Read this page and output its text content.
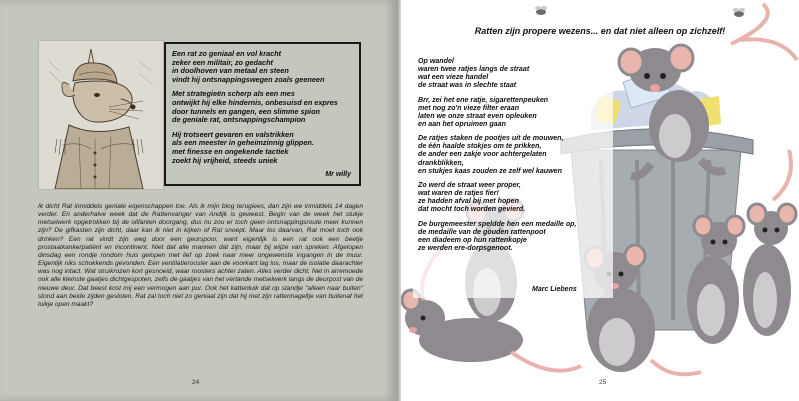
Een rat zo geniaal en vol kracht
zeker een militair, zo gedacht
in doolhoven van metaal en steen
vindt hij ontsnappingswegen zoals geeneen
Met strategieën scherp als een mes
ontwijkt hij elke hindernis, onbesuisd en expres
door tunnels en gangen, een slimme spion
de geniale rat, ontsnappingschampion
Hij trotseert gevaren en valstrikken
als een meester in geheimzinnig glippen.
met finesse en ongekende tactiek
zoekt hij vrijheid, steeds uniek
Mr willy

Ik dicht Rat inmiddels geniale eigenschappen toe. Als ik mijn blog terugiees, dan zijn we inmiddels 14 dagen verder. En anderhalve week dat de Rattenvanger van Andijk is geweest. Begin van de week het stukje metselwerk opgetrokken bij de olifanten doorgang, dus nu zou er toch geen ontsnappingsroute meer kunnen zijn? De gifkasten zijn dicht, daar kan ik niet in kijken of Rat snoept. Maar los daarvan, Rat moet toch ook drinken? Een rat vindt zijn weg door een geurspoor, want eigenlijk is een rat ook een beetje prostaatkankerpatiënt en incontinent. Niet dat alle mannen dat zijn, maar bij wijze van spreken. Afgelopen dinsdag een rondje rondom huis gelopen met lief op zoek naar meer ongewenste ingangen in de muur. Eigenlijk niks schokkends gevonden. Een ventilatierooster aan de voorkant lag los, maar de isolatie daarachter was nog intact. Wat struikrozen kort gesnoeid, waar roosters achter zaten. Alles verder dicht. Net in arremoede ook alle kleinste gaatjes dichtgespoten, zelfs de gaatjes van het vertande metselwerk langs de deurpost van de nieuwe deur. Dat beest kost mij een vermogen aan pur. Ook het kattenluik dat op standje "alleen naar buiten" stond aan beide zijden gesloten. Rat zal toch niet zo geniaal zijn dat hij met zijn rattennageltje van buitenaf het luikje open maakt?

24
Ratten zijn propere wezens... en dat niet alleen op zichzelf!
Op wandel
waren twee ratjes langs de straat
wat een vieze handel
de straat was in slechte staat
Brr, zei het ene ratje, sigarettenpeuken
met nog zo'n vieze filter eraan
laten we onze straat even opleuken
en aan het opruimen gaan
De ratjes staken de pootjes uit de mouwen,
de één haalde stokjes om te prikken,
de ander een zakje voor achtergelaten
drankblikken,
en stukjes kaas zouden ze zelf wel kauwen
Zo werd de straat weer proper,
wat waren de ratjes fier!
ze hadden afval bij met hopen
dat mocht toch worden gevierd.
De burgemeester speldde hen een medaille op,
de medaille van de gouden rattenpoot
een diadeem op hun rattenkopje
ze werden ere-dorpsgenoot.
Marc Liebens
25
